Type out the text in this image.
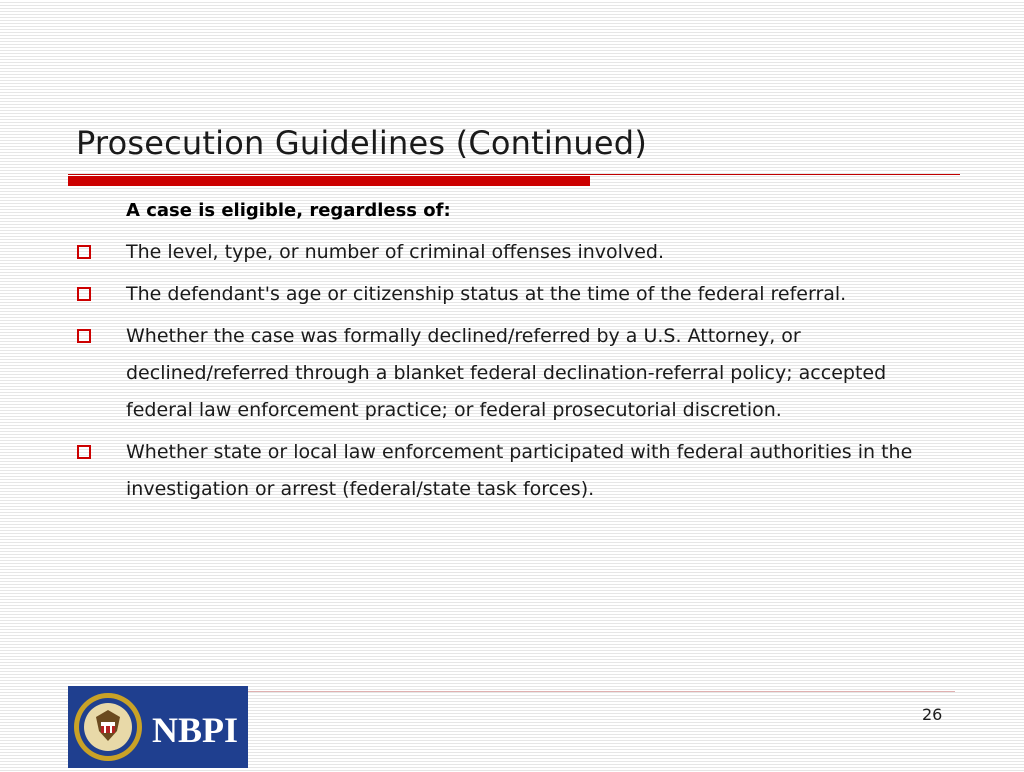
Prosecution Guidelines (Continued)
A case is eligible, regardless of:
The level, type, or number of criminal offenses involved.
The defendant's age or citizenship status at the time of the federal referral.
Whether the case was formally declined/referred by a U.S. Attorney, or declined/referred through a blanket federal declination-referral policy; accepted federal law enforcement practice; or federal prosecutorial discretion.
Whether state or local law enforcement participated with federal authorities in the investigation or arrest (federal/state task forces).
NBPI	26
